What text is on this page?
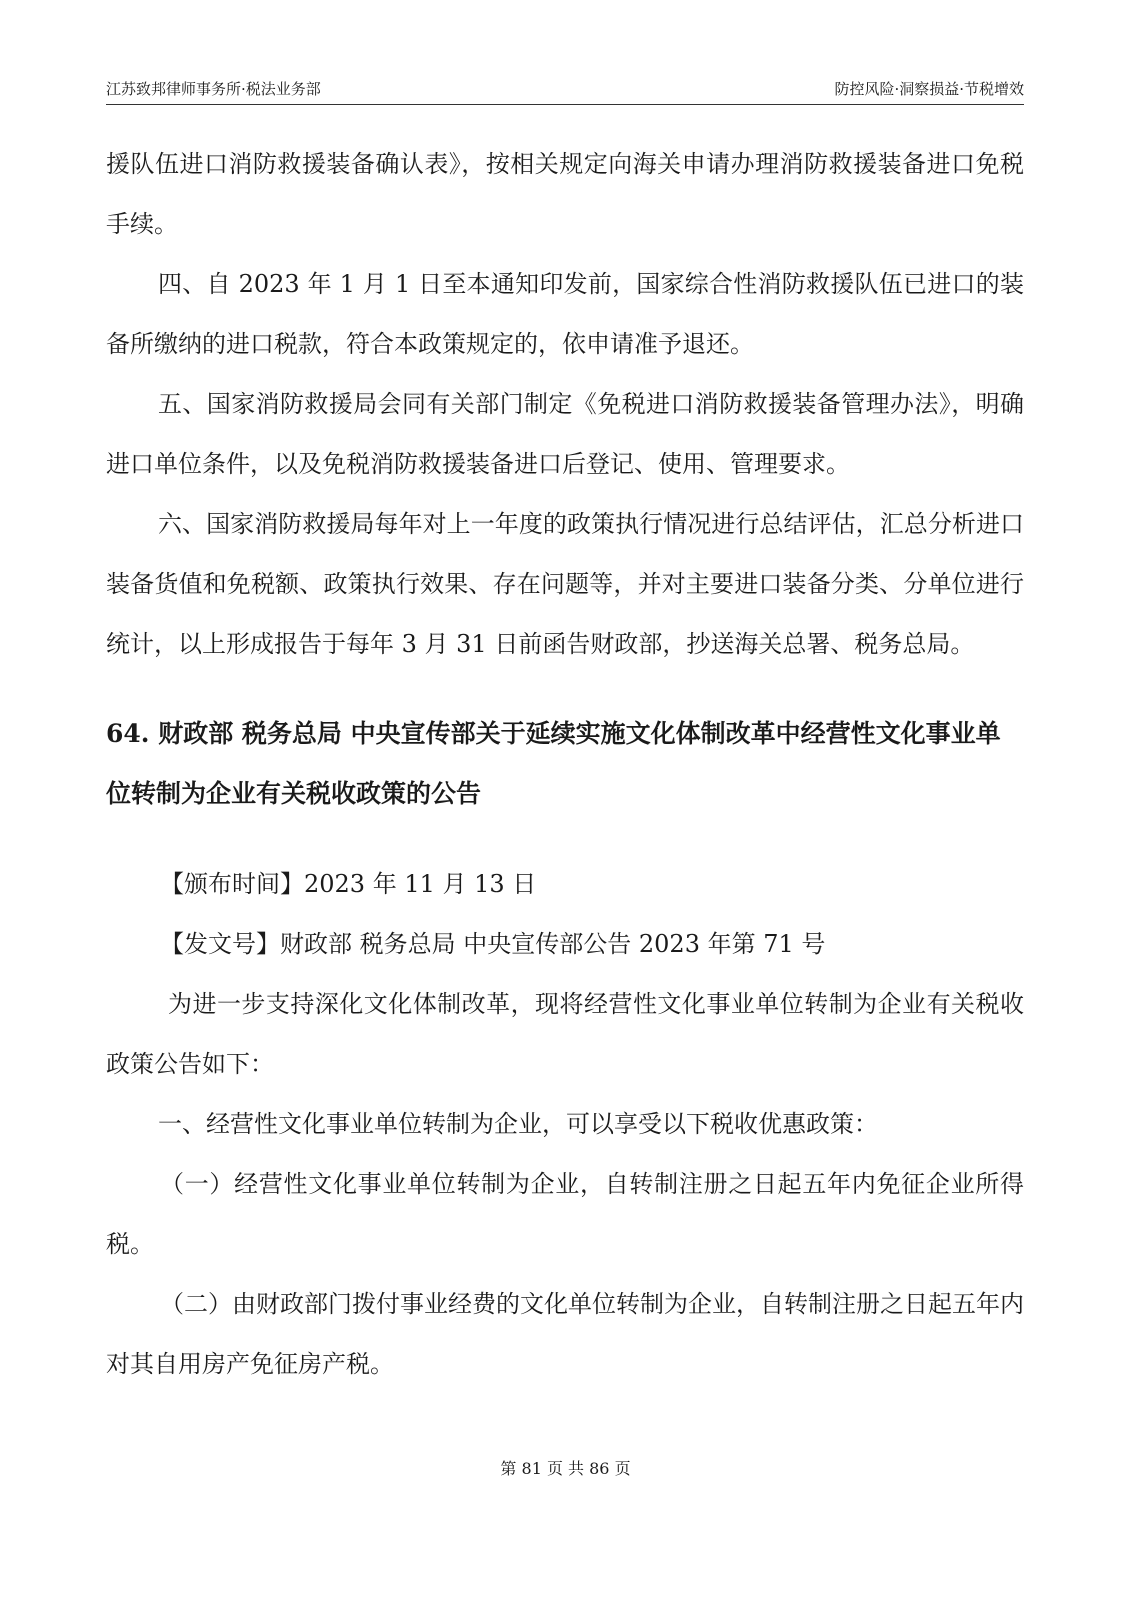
江苏致邦律师事务所·税法业务部	防控风险·洞察损益·节税增效

援队伍进口消防救援装备确认表》，按相关规定向海关申请办理消防救援装备进口免税手续。

四、自 2023 年 1 月 1 日至本通知印发前，国家综合性消防救援队伍已进口的装备所缴纳的进口税款，符合本政策规定的，依申请准予退还。

五、国家消防救援局会同有关部门制定《免税进口消防救援装备管理办法》，明确进口单位条件，以及免税消防救援装备进口后登记、使用、管理要求。

六、国家消防救援局每年对上一年度的政策执行情况进行总结评估，汇总分析进口装备货值和免税额、政策执行效果、存在问题等，并对主要进口装备分类、分单位进行统计，以上形成报告于每年 3 月 31 日前函告财政部，抄送海关总署、税务总局。

64. 财政部 税务总局 中央宣传部关于延续实施文化体制改革中经营性文化事业单位转制为企业有关税收政策的公告

【颁布时间】2023 年 11 月 13 日

【发文号】财政部 税务总局 中央宣传部公告 2023 年第 71 号

为进一步支持深化文化体制改革，现将经营性文化事业单位转制为企业有关税收政策公告如下：

一、经营性文化事业单位转制为企业，可以享受以下税收优惠政策：

（一）经营性文化事业单位转制为企业，自转制注册之日起五年内免征企业所得税。

（二）由财政部门拨付事业经费的文化单位转制为企业，自转制注册之日起五年内对其自用房产免征房产税。

第 81 页 共 86 页
